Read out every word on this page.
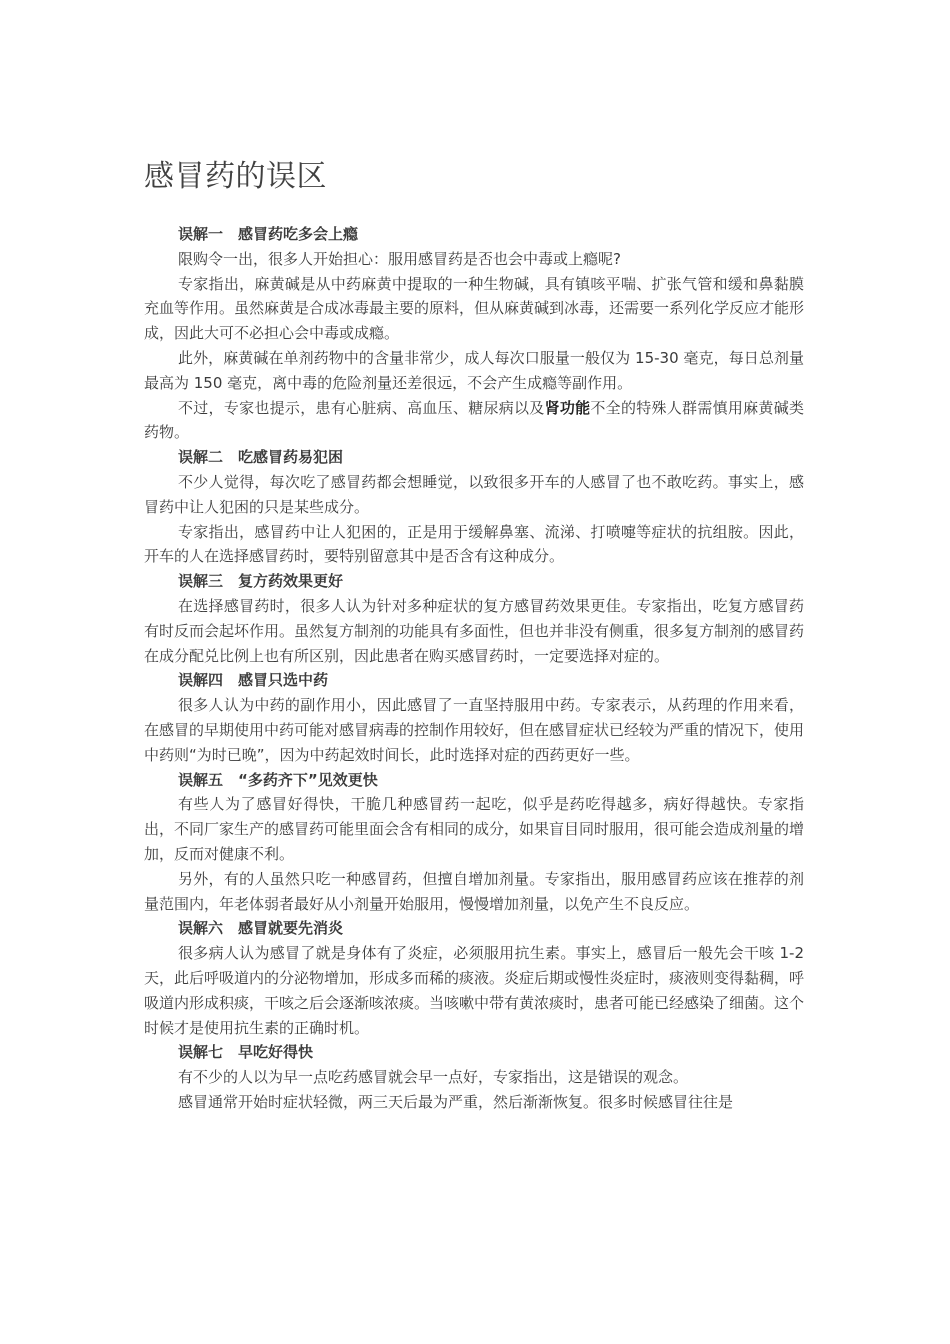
感冒药的误区

误解一　感冒药吃多会上瘾

限购令一出，很多人开始担心：服用感冒药是否也会中毒或上瘾呢?

专家指出，麻黄碱是从中药麻黄中提取的一种生物碱，具有镇咳平喘、扩张气管和缓和鼻黏膜充血等作用。虽然麻黄是合成冰毒最主要的原料，但从麻黄碱到冰毒，还需要一系列化学反应才能形成，因此大可不必担心会中毒或成瘾。

此外，麻黄碱在单剂药物中的含量非常少，成人每次口服量一般仅为 15-30 毫克，每日总剂量最高为 150 毫克，离中毒的危险剂量还差很远，不会产生成瘾等副作用。

不过，专家也提示，患有心脏病、高血压、糖尿病以及肾功能不全的特殊人群需慎用麻黄碱类药物。

误解二　吃感冒药易犯困

不少人觉得，每次吃了感冒药都会想睡觉，以致很多开车的人感冒了也不敢吃药。事实上，感冒药中让人犯困的只是某些成分。

专家指出，感冒药中让人犯困的，正是用于缓解鼻塞、流涕、打喷嚏等症状的抗组胺。因此，开车的人在选择感冒药时，要特别留意其中是否含有这种成分。

误解三　复方药效果更好

在选择感冒药时，很多人认为针对多种症状的复方感冒药效果更佳。专家指出，吃复方感冒药有时反而会起坏作用。虽然复方制剂的功能具有多面性，但也并非没有侧重，很多复方制剂的感冒药在成分配兑比例上也有所区别，因此患者在购买感冒药时，一定要选择对症的。

误解四　感冒只选中药

很多人认为中药的副作用小，因此感冒了一直坚持服用中药。专家表示，从药理的作用来看，在感冒的早期使用中药可能对感冒病毒的控制作用较好，但在感冒症状已经较为严重的情况下，使用中药则“为时已晚”，因为中药起效时间长，此时选择对症的西药更好一些。

误解五　“多药齐下”见效更快

有些人为了感冒好得快，干脆几种感冒药一起吃，似乎是药吃得越多，病好得越快。专家指出，不同厂家生产的感冒药可能里面会含有相同的成分，如果盲目同时服用，很可能会造成剂量的增加，反而对健康不利。

另外，有的人虽然只吃一种感冒药，但擅自增加剂量。专家指出，服用感冒药应该在推荐的剂量范围内，年老体弱者最好从小剂量开始服用，慢慢增加剂量，以免产生不良反应。

误解六　感冒就要先消炎

很多病人认为感冒了就是身体有了炎症，必须服用抗生素。事实上，感冒后一般先会干咳 1-2 天，此后呼吸道内的分泌物增加，形成多而稀的痰液。炎症后期或慢性炎症时，痰液则变得黏稠，呼吸道内形成积痰，干咳之后会逐渐咳浓痰。当咳嗽中带有黄浓痰时，患者可能已经感染了细菌。这个时候才是使用抗生素的正确时机。

误解七　早吃好得快

有不少的人以为早一点吃药感冒就会早一点好，专家指出，这是错误的观念。

感冒通常开始时症状轻微，两三天后最为严重，然后渐渐恢复。很多时候感冒往往是
